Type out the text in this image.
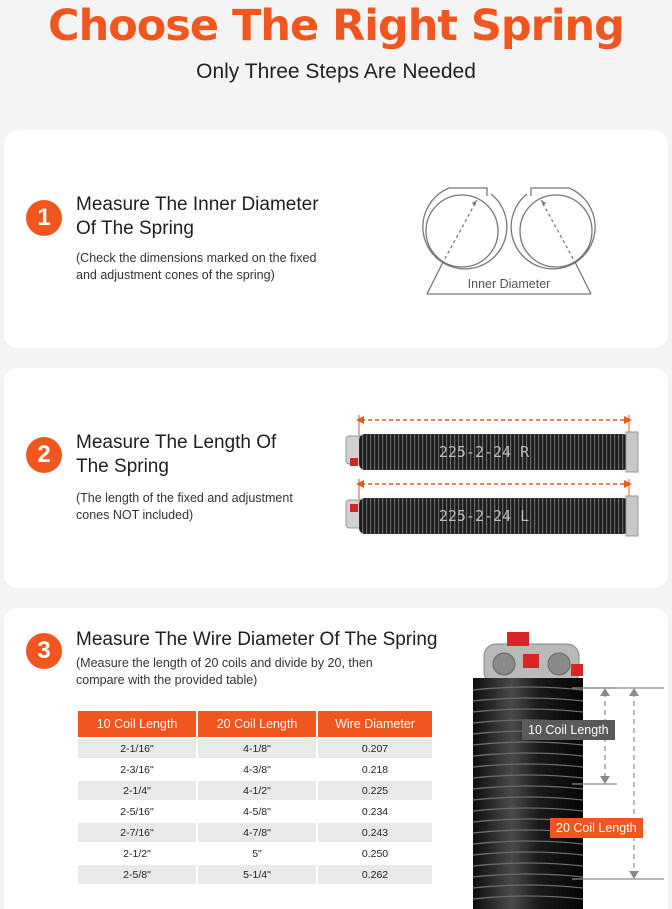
Choose The Right Spring
Only Three Steps Are Needed
1	Measure The Inner Diameter
Of The Spring
(Check the dimensions marked on the fixed
and adjustment cones of the spring)
Inner Diameter
2	Measure The Length Of
The Spring
(The length of the fixed and adjustment
cones NOT included)
225-2-24 R
225-2-24 L
3	Measure The Wire Diameter Of The Spring
(Measure the length of 20 coils and divide by 20, then
compare with the provided table)
10 Coil Length	20 Coil Length	Wire Diameter
2-1/16"	4-1/8"	0.207
2-3/16"	4-3/8"	0.218
2-1/4"	4-1/2"	0.225
2-5/16"	4-5/8"	0.234
2-7/16"	4-7/8"	0.243
2-1/2"	5"	0.250
2-5/8"	5-1/4"	0.262
10 Coil Length
20 Coil Length
